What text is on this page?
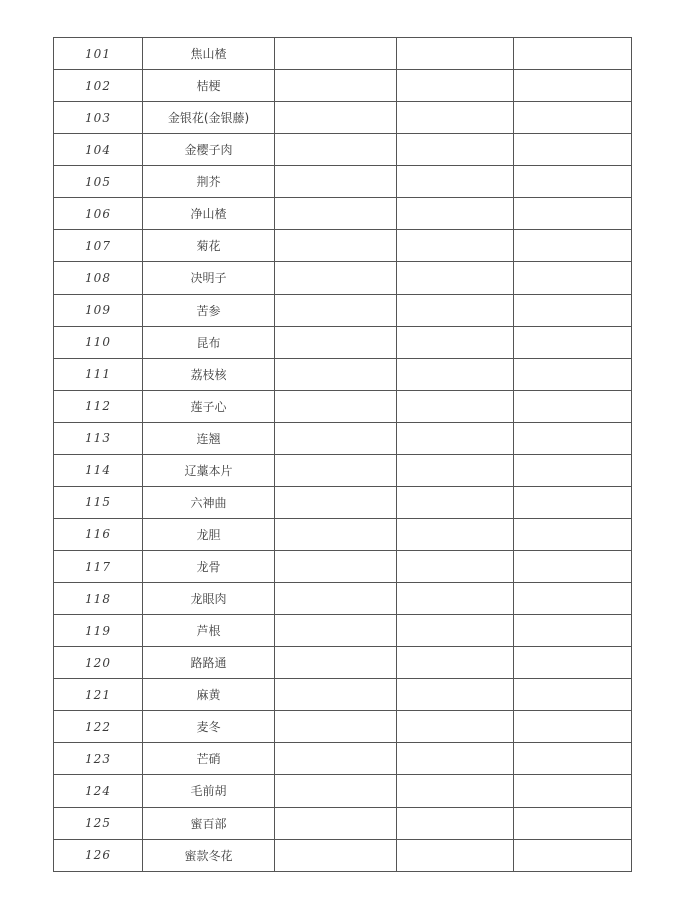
101	焦山楂			
102	桔梗			
103	金银花(金银藤)			
104	金樱子肉			
105	荆芥			
106	净山楂			
107	菊花			
108	决明子			
109	苦参			
110	昆布			
111	荔枝核			
112	莲子心			
113	连翘			
114	辽藁本片			
115	六神曲			
116	龙胆			
117	龙骨			
118	龙眼肉			
119	芦根			
120	路路通			
121	麻黄			
122	麦冬			
123	芒硝			
124	毛前胡			
125	蜜百部			
126	蜜款冬花			
